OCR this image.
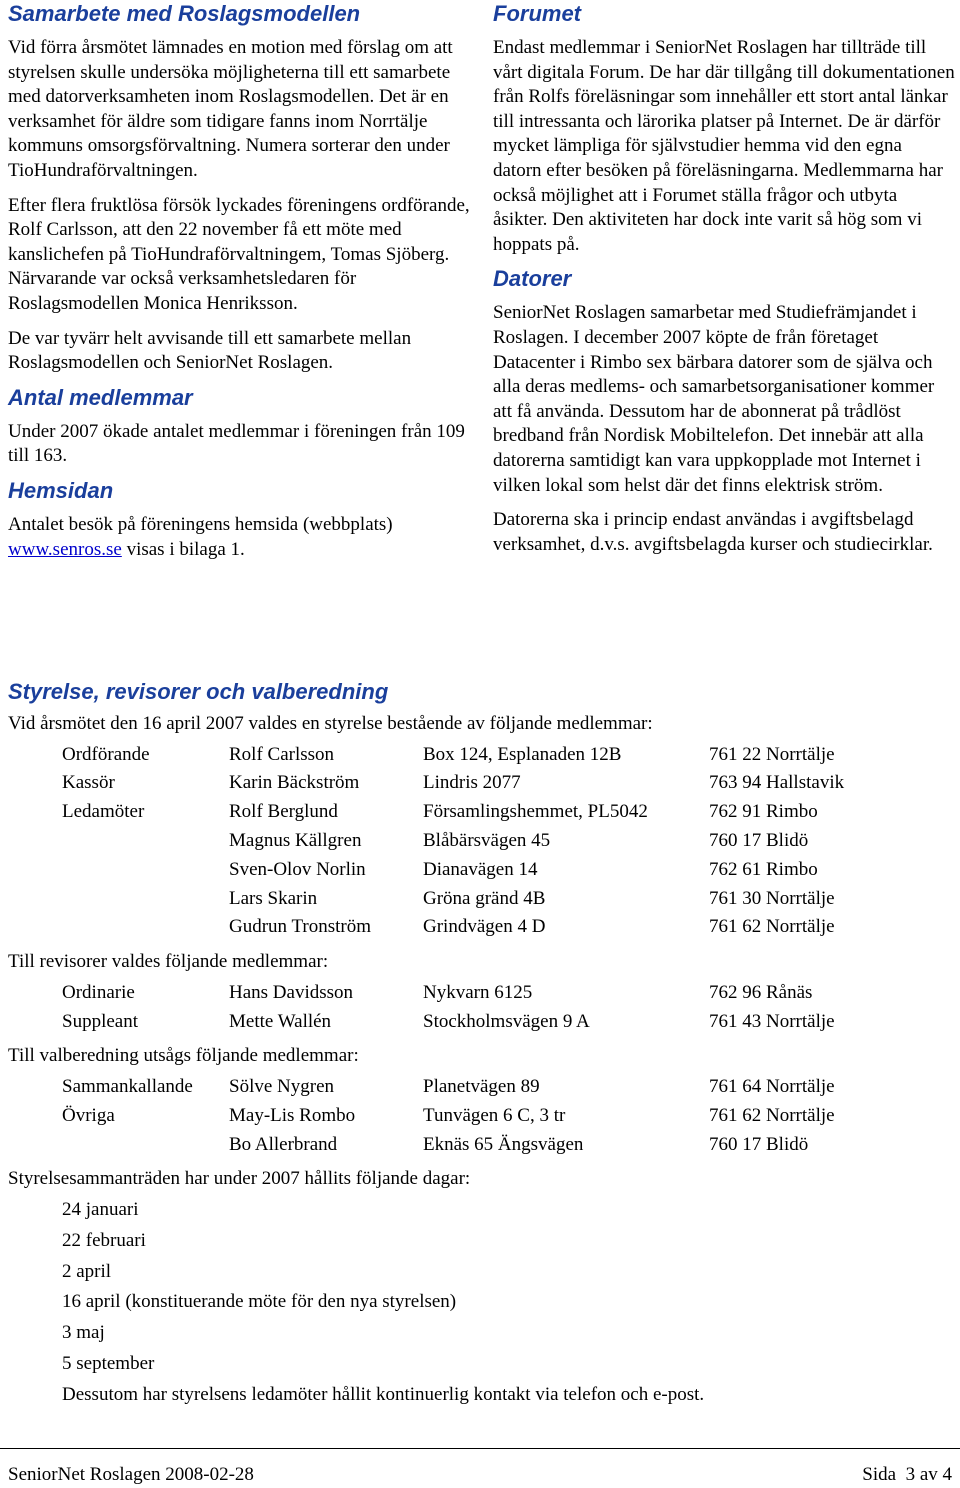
Samarbete med Roslagsmodellen

Vid förra årsmötet lämnades en motion med förslag om att styrelsen skulle undersöka möjligheterna till ett samarbete med datorverksamheten inom Roslagsmodellen. Det är en verksamhet för äldre som tidigare fanns inom Norrtälje kommuns omsorgsförvaltning. Numera sorterar den under TioHundraförvaltningen.

Efter flera fruktlösa försök lyckades föreningens ordförande, Rolf Carlsson, att den 22 november få ett möte med kanslichefen på TioHundraförvaltningem, Tomas Sjöberg. Närvarande var också verksamhetsledaren för Roslagsmodellen Monica Henriksson.

De var tyvärr helt avvisande till ett samarbete mellan Roslagsmodellen och SeniorNet Roslagen.

Antal medlemmar

Under 2007 ökade antalet medlemmar i föreningen från 109 till 163.

Hemsidan

Antalet besök på föreningens hemsida (webbplats) www.senros.se visas i bilaga 1.

Forumet

Endast medlemmar i SeniorNet Roslagen har tillträde till vårt digitala Forum. De har där tillgång till dokumentationen från Rolfs föreläsningar som innehåller ett stort antal länkar till intressanta och lärorika platser på Internet. De är därför mycket lämpliga för självstudier hemma vid den egna datorn efter besöken på föreläsningarna. Medlemmarna har också möjlighet att i Forumet ställa frågor och utbyta åsikter. Den aktiviteten har dock inte varit så hög som vi hoppats på.

Datorer

SeniorNet Roslagen samarbetar med Studiefrämjandet i Roslagen. I december 2007 köpte de från företaget Datacenter i Rimbo sex bärbara datorer som de själva och alla deras medlems- och samarbetsorganisationer kommer att få använda. Dessutom har de abonnerat på trådlöst bredband från Nordisk Mobiltelefon. Det innebär att alla datorerna samtidigt kan vara uppkopplade mot Internet i vilken lokal som helst där det finns elektrisk ström.

Datorerna ska i princip endast användas i avgiftsbelagd verksamhet, d.v.s. avgiftsbelagda kurser och studiecirklar.

Styrelse, revisorer och valberedning

Vid årsmötet den 16 april 2007 valdes en styrelse bestående av följande medlemmar:

Ordförande	Rolf Carlsson	Box 124, Esplanaden 12B	761 22 Norrtälje
Kassör	Karin Bäckström	Lindris 2077	763 94 Hallstavik
Ledamöter	Rolf Berglund	Församlingshemmet, PL5042	762 91 Rimbo
	Magnus Källgren	Blåbärsvägen 45	760 17 Blidö
	Sven-Olov Norlin	Dianavägen 14	762 61 Rimbo
	Lars Skarin	Gröna gränd 4B	761 30 Norrtälje
	Gudrun Tronström	Grindvägen 4 D	761 62 Norrtälje

Till revisorer valdes följande medlemmar:

Ordinarie	Hans Davidsson	Nykvarn 6125	762 96 Rånäs
Suppleant	Mette Wallén	Stockholmsvägen 9 A	761 43 Norrtälje

Till valberedning utsågs följande medlemmar:

Sammankallande	Sölve Nygren	Planetvägen 89	761 64 Norrtälje
Övriga	May-Lis Rombo	Tunvägen 6 C, 3 tr	761 62 Norrtälje
	Bo Allerbrand	Eknäs 65 Ängsvägen	760 17 Blidö

Styrelsesammanträden har under 2007 hållits följande dagar:

24 januari
22 februari
2 april
16 april (konstituerande möte för den nya styrelsen)
3 maj
5 september
Dessutom har styrelsens ledamöter hållit kontinuerlig kontakt via telefon och e-post.
SeniorNet Roslagen 2008-02-28	Sida 3 av 4
